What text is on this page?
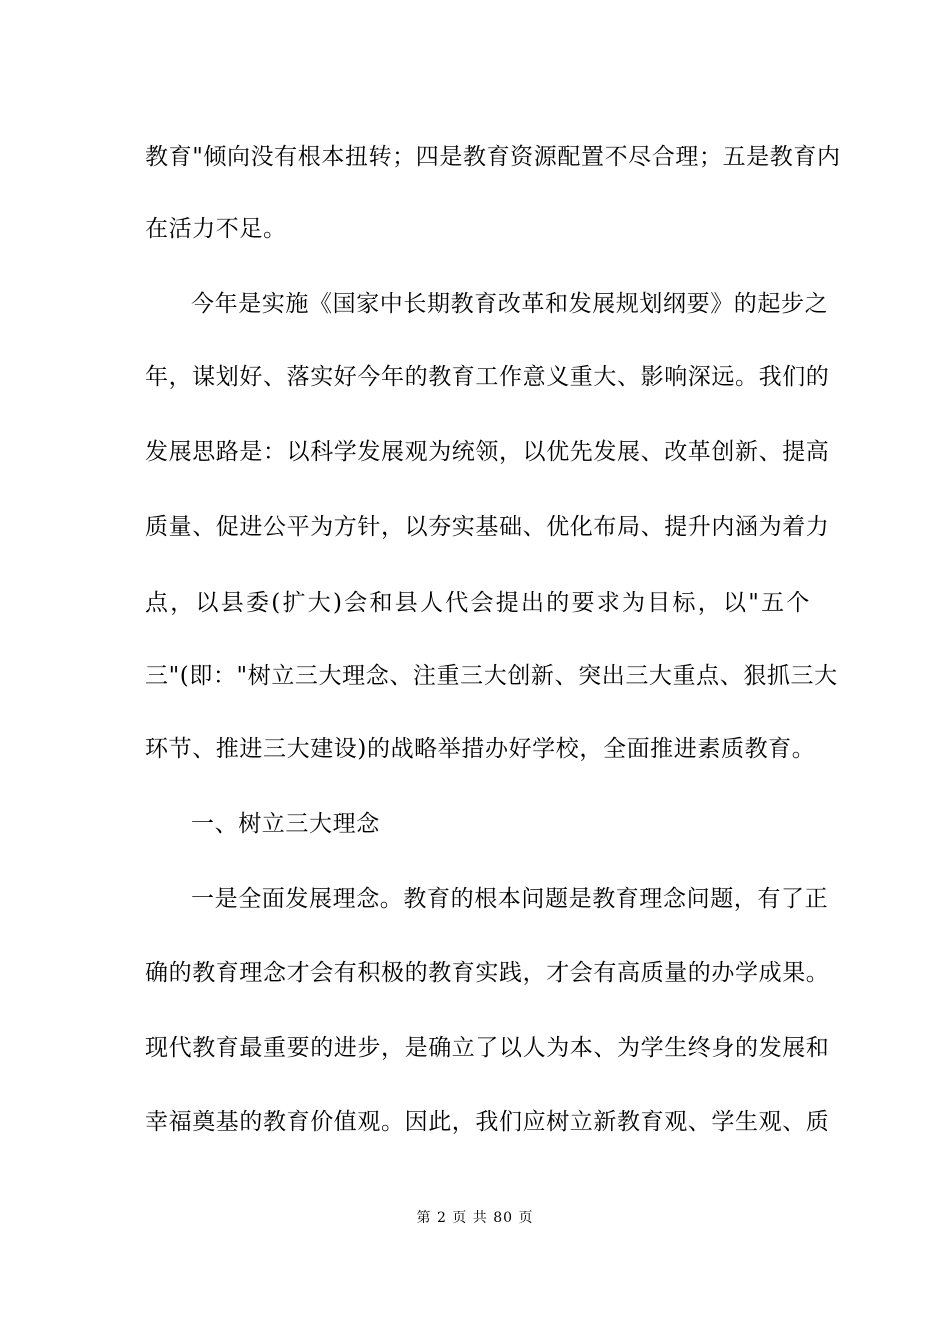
教育"倾向没有根本扭转；四是教育资源配置不尽合理；五是教育内
在活力不足。
今年是实施《国家中长期教育改革和发展规划纲要》的起步之
年，谋划好、落实好今年的教育工作意义重大、影响深远。我们的
发展思路是：以科学发展观为统领，以优先发展、改革创新、提高
质量、促进公平为方针，以夯实基础、优化布局、提升内涵为着力
点，以县委(扩大)会和县人代会提出的要求为目标，以"五个
三"(即："树立三大理念、注重三大创新、突出三大重点、狠抓三大
环节、推进三大建设)的战略举措办好学校，全面推进素质教育。
一、树立三大理念
一是全面发展理念。教育的根本问题是教育理念问题，有了正
确的教育理念才会有积极的教育实践，才会有高质量的办学成果。
现代教育最重要的进步，是确立了以人为本、为学生终身的发展和
幸福奠基的教育价值观。因此，我们应树立新教育观、学生观、质
第 2 页 共 80 页
